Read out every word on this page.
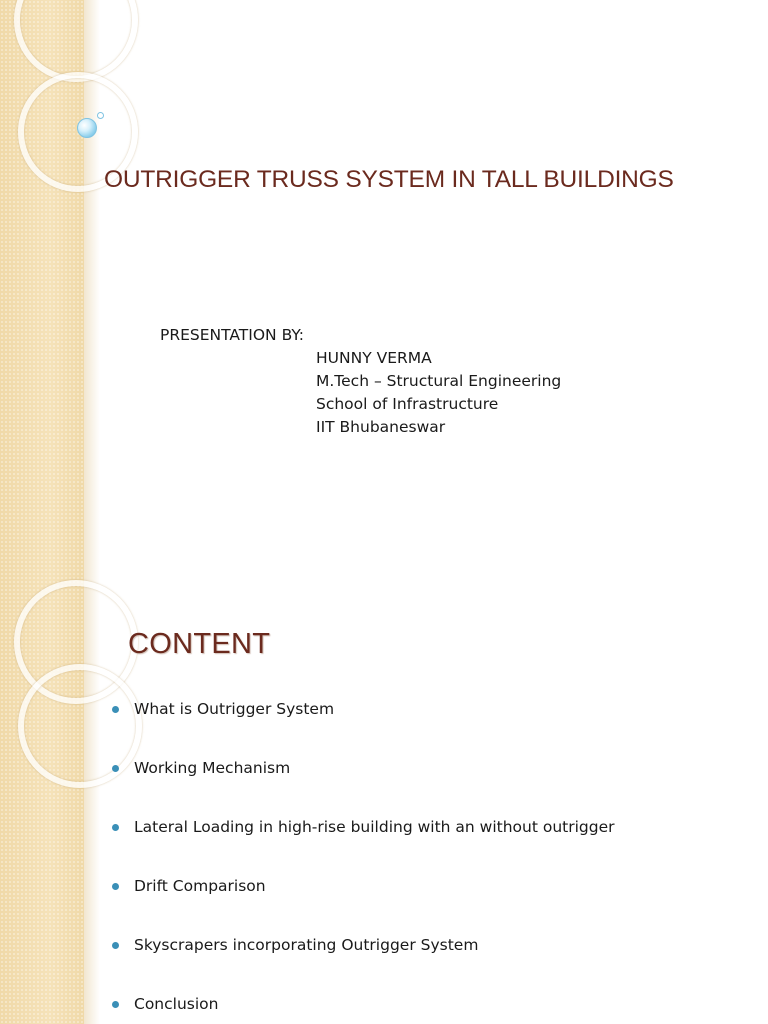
OUTRIGGER TRUSS SYSTEM IN TALL BUILDINGS

PRESENTATION BY:

HUNNY VERMA
M.Tech – Structural Engineering
School of Infrastructure
IIT Bhubaneswar
CONTENT
What is Outrigger System
Working Mechanism
Lateral Loading in high-rise building with an without outrigger
Drift Comparison
Skyscrapers incorporating Outrigger System
Conclusion
